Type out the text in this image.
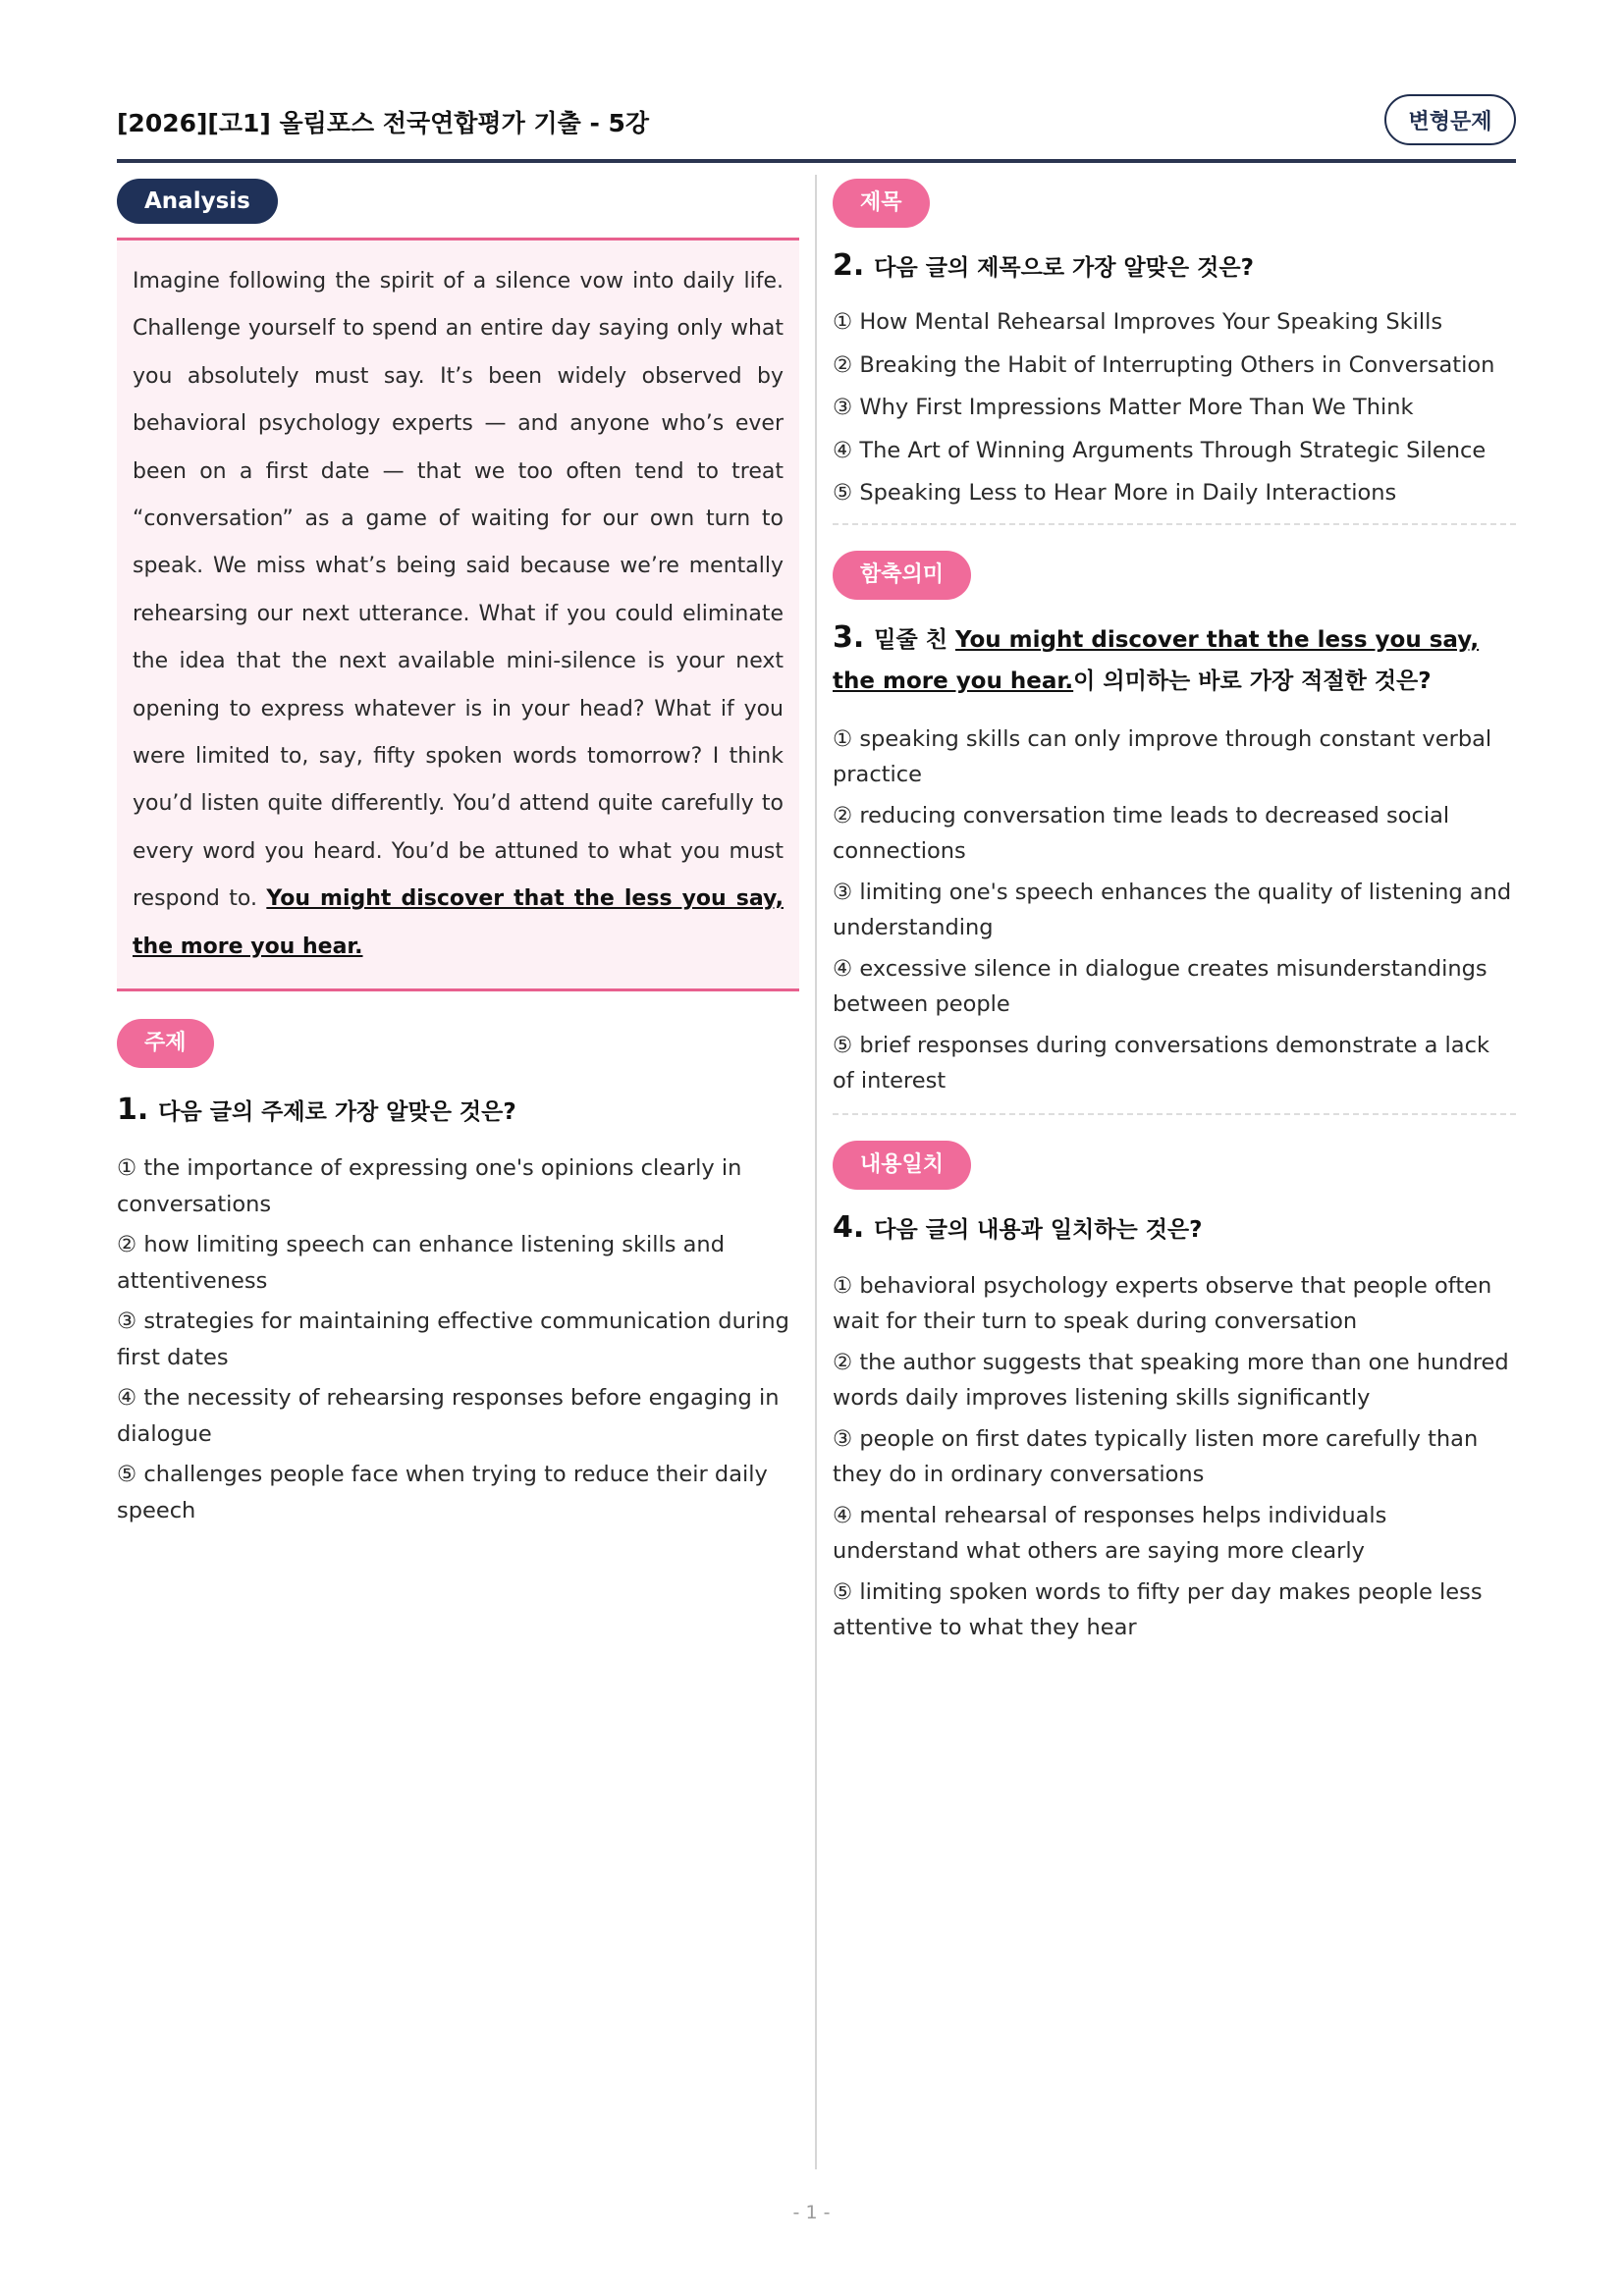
[2026][고1] 올림포스 전국연합평가 기출 - 5강	변형문제
Analysis
Imagine following the spirit of a silence vow into daily life. Challenge yourself to spend an entire day saying only what you absolutely must say. It’s been widely observed by behavioral psychology experts — and anyone who’s ever been on a first date — that we too often tend to treat “conversation” as a game of waiting for our own turn to speak. We miss what’s being said because we’re mentally rehearsing our next utterance. What if you could eliminate the idea that the next available mini-silence is your next opening to express whatever is in your head? What if you were limited to, say, fifty spoken words tomorrow? I think you’d listen quite differently. You’d attend quite carefully to every word you heard. You’d be attuned to what you must respond to. You might discover that the less you say, the more you hear.
주제
1. 다음 글의 주제로 가장 알맞은 것은?
① the importance of expressing one's opinions clearly in conversations
② how limiting speech can enhance listening skills and attentiveness
③ strategies for maintaining effective communication during first dates
④ the necessity of rehearsing responses before engaging in dialogue
⑤ challenges people face when trying to reduce their daily speech
제목
2. 다음 글의 제목으로 가장 알맞은 것은?
① How Mental Rehearsal Improves Your Speaking Skills
② Breaking the Habit of Interrupting Others in Conversation
③ Why First Impressions Matter More Than We Think
④ The Art of Winning Arguments Through Strategic Silence
⑤ Speaking Less to Hear More in Daily Interactions
함축의미
3. 밑줄 친 You might discover that the less you say, the more you hear.이 의미하는 바로 가장 적절한 것은?
① speaking skills can only improve through constant verbal practice
② reducing conversation time leads to decreased social connections
③ limiting one's speech enhances the quality of listening and understanding
④ excessive silence in dialogue creates misunderstandings between people
⑤ brief responses during conversations demonstrate a lack of interest
내용일치
4. 다음 글의 내용과 일치하는 것은?
① behavioral psychology experts observe that people often wait for their turn to speak during conversation
② the author suggests that speaking more than one hundred words daily improves listening skills significantly
③ people on first dates typically listen more carefully than they do in ordinary conversations
④ mental rehearsal of responses helps individuals understand what others are saying more clearly
⑤ limiting spoken words to fifty per day makes people less attentive to what they hear
- 1 -
